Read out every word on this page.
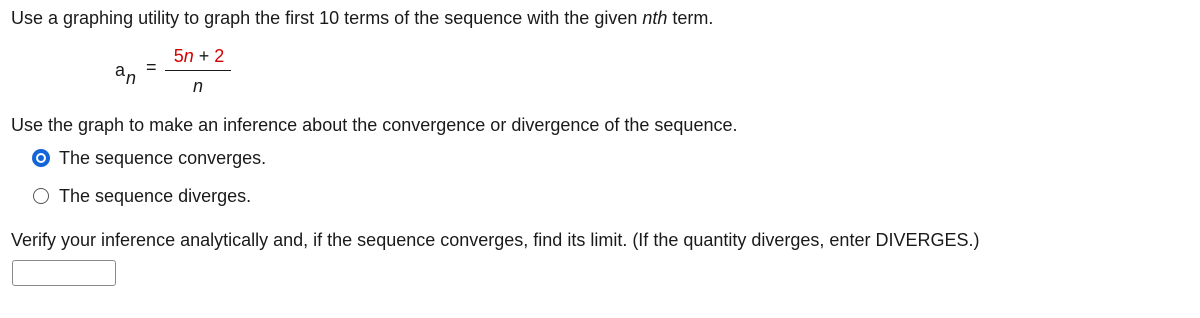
Use a graphing utility to graph the first 10 terms of the sequence with the given nth term.
a n
=
5n + 2
n
Use the graph to make an inference about the convergence or divergence of the sequence.
The sequence converges.
The sequence diverges.
Verify your inference analytically and, if the sequence converges, find its limit. (If the quantity diverges, enter DIVERGES.)
